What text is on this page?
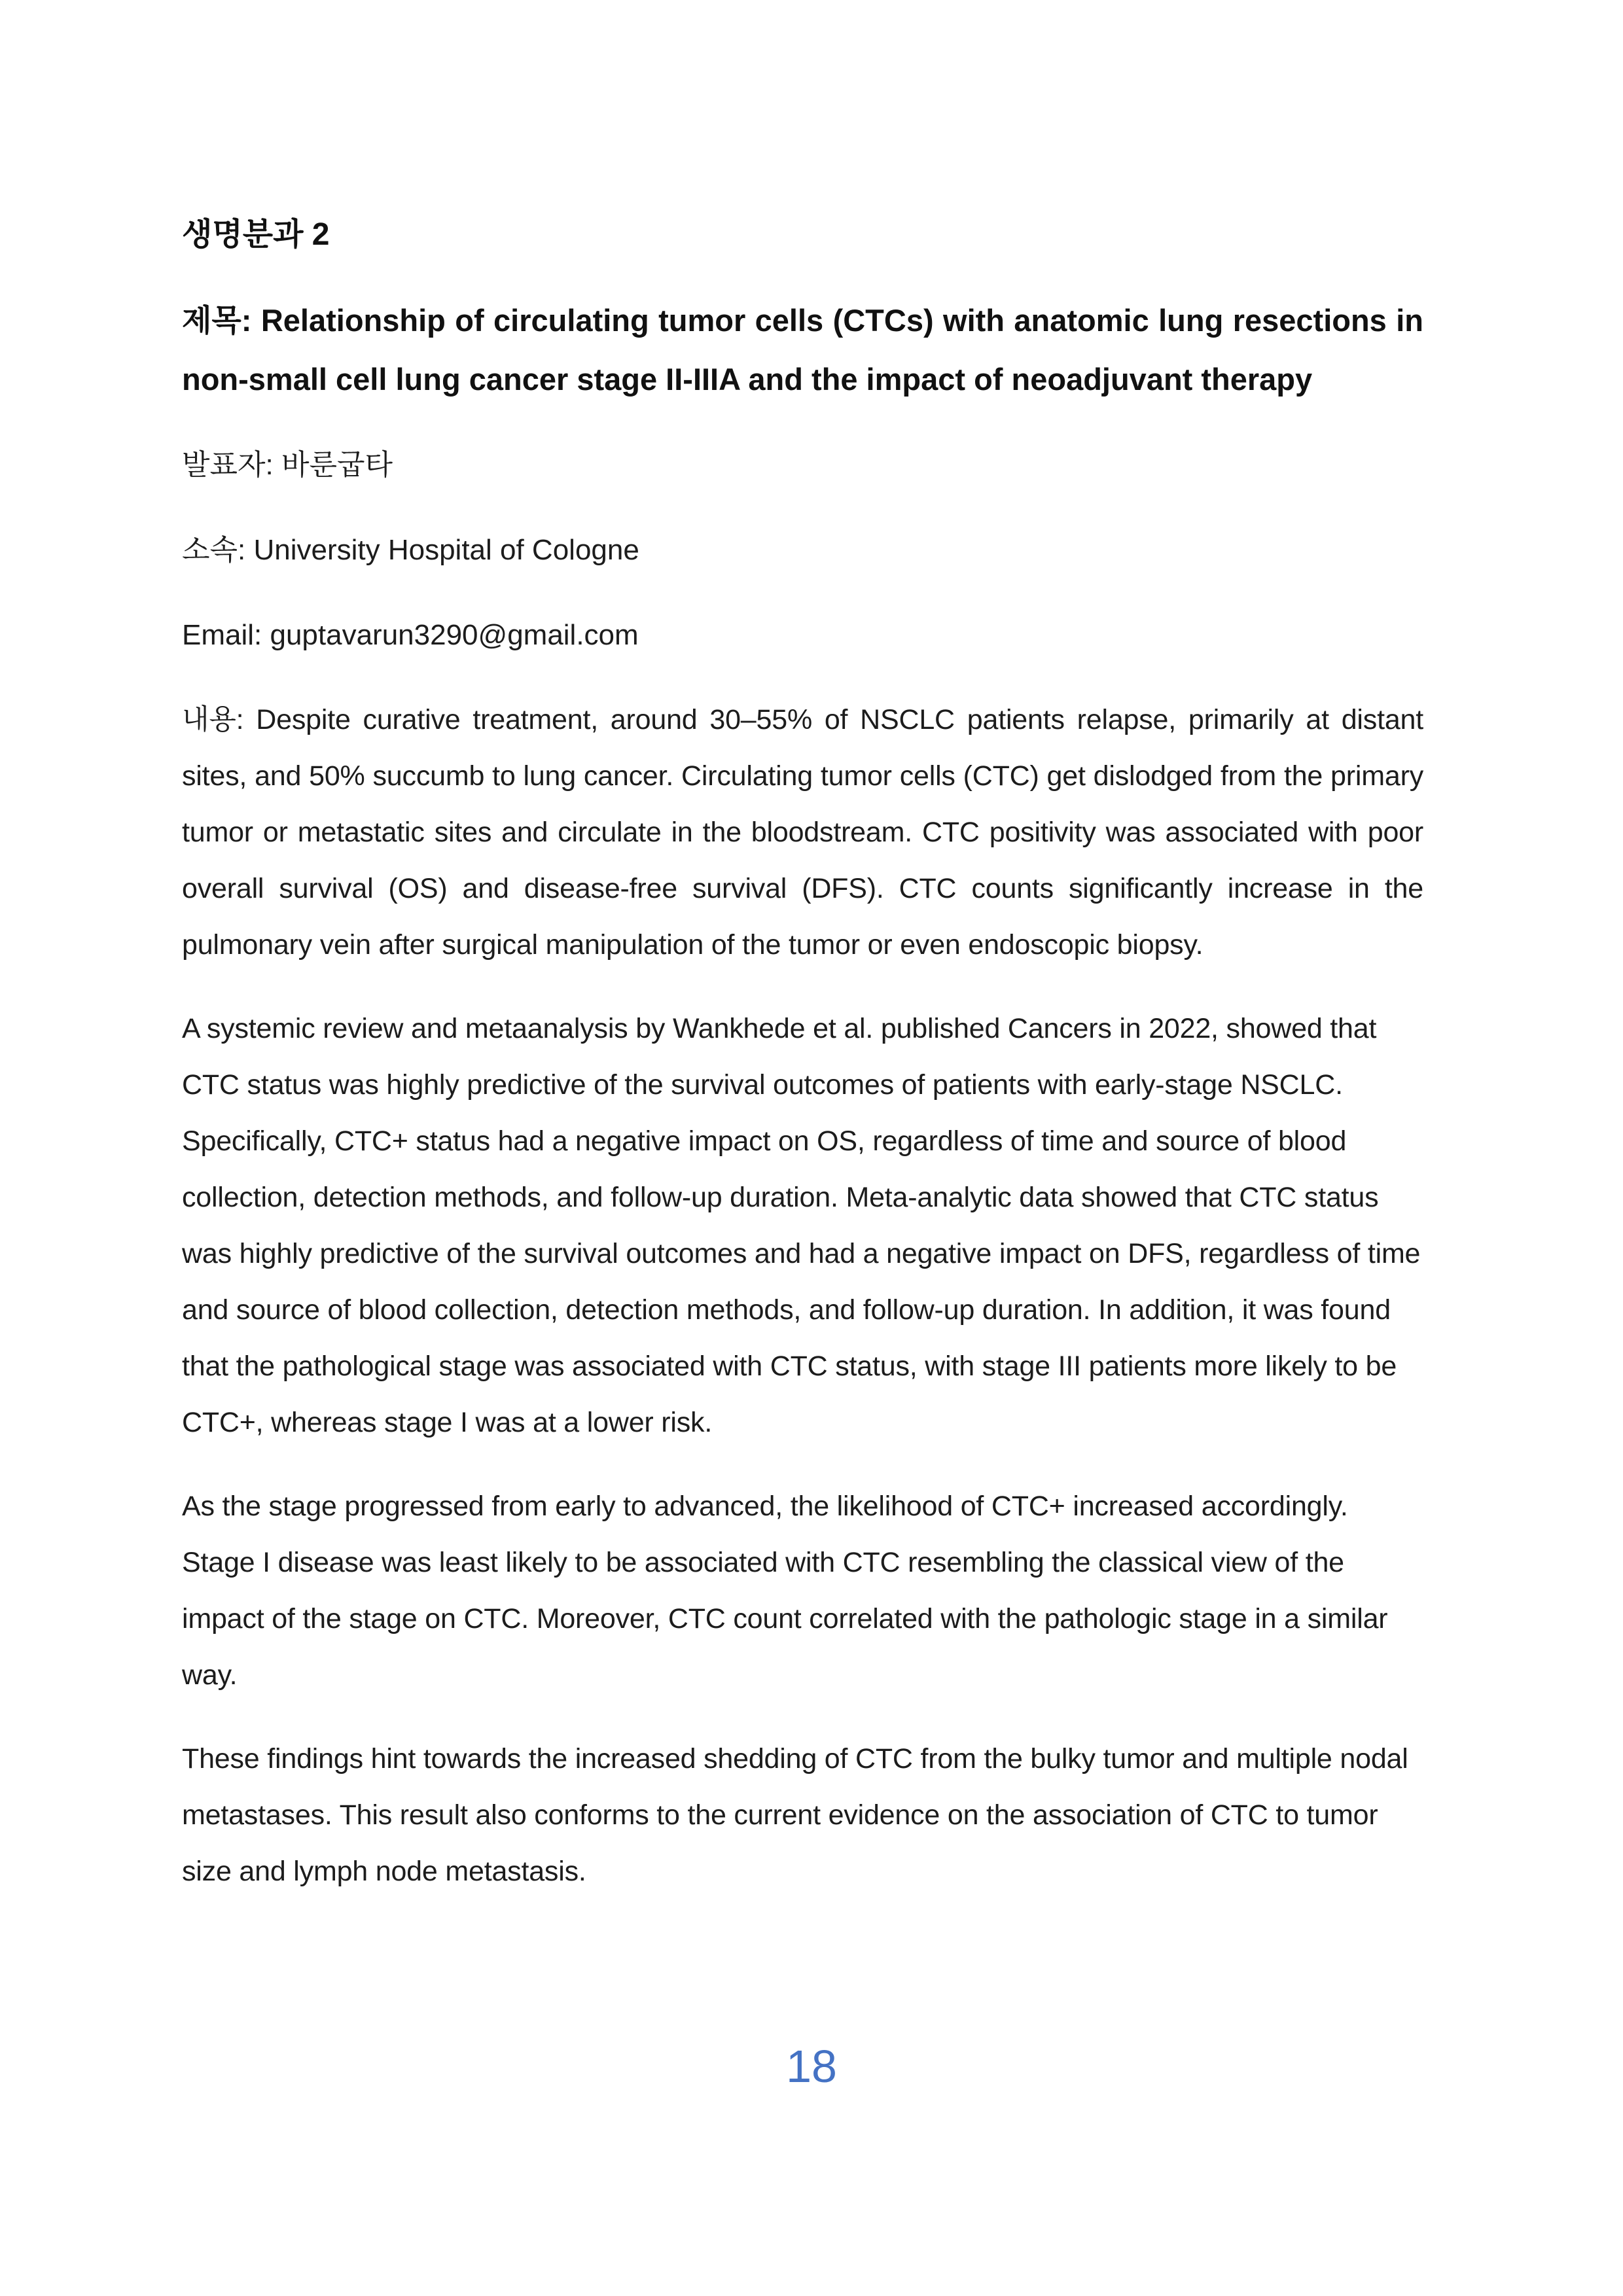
생명분과 2
제목: Relationship of circulating tumor cells (CTCs) with anatomic lung resections in non-small cell lung cancer stage II-IIIA and the impact of neoadjuvant therapy
발표자: 바룬굽타
소속: University Hospital of Cologne
Email: guptavarun3290@gmail.com
내용: Despite curative treatment, around 30–55% of NSCLC patients relapse, primarily at distant sites, and 50% succumb to lung cancer. Circulating tumor cells (CTC) get dislodged from the primary tumor or metastatic sites and circulate in the bloodstream. CTC positivity was associated with poor overall survival (OS) and disease-free survival (DFS). CTC counts significantly increase in the pulmonary vein after surgical manipulation of the tumor or even endoscopic biopsy.
A systemic review and metaanalysis by Wankhede et al. published Cancers in 2022, showed that CTC status was highly predictive of the survival outcomes of patients with early-stage NSCLC. Specifically, CTC+ status had a negative impact on OS, regardless of time and source of blood collection, detection methods, and follow-up duration. Meta-analytic data showed that CTC status was highly predictive of the survival outcomes and had a negative impact on DFS, regardless of time and source of blood collection, detection methods, and follow-up duration. In addition, it was found that the pathological stage was associated with CTC status, with stage III patients more likely to be CTC+, whereas stage I was at a lower risk.
As the stage progressed from early to advanced, the likelihood of CTC+ increased accordingly. Stage I disease was least likely to be associated with CTC resembling the classical view of the impact of the stage on CTC. Moreover, CTC count correlated with the pathologic stage in a similar way.
These findings hint towards the increased shedding of CTC from the bulky tumor and multiple nodal metastases. This result also conforms to the current evidence on the association of CTC to tumor size and lymph node metastasis.
18
